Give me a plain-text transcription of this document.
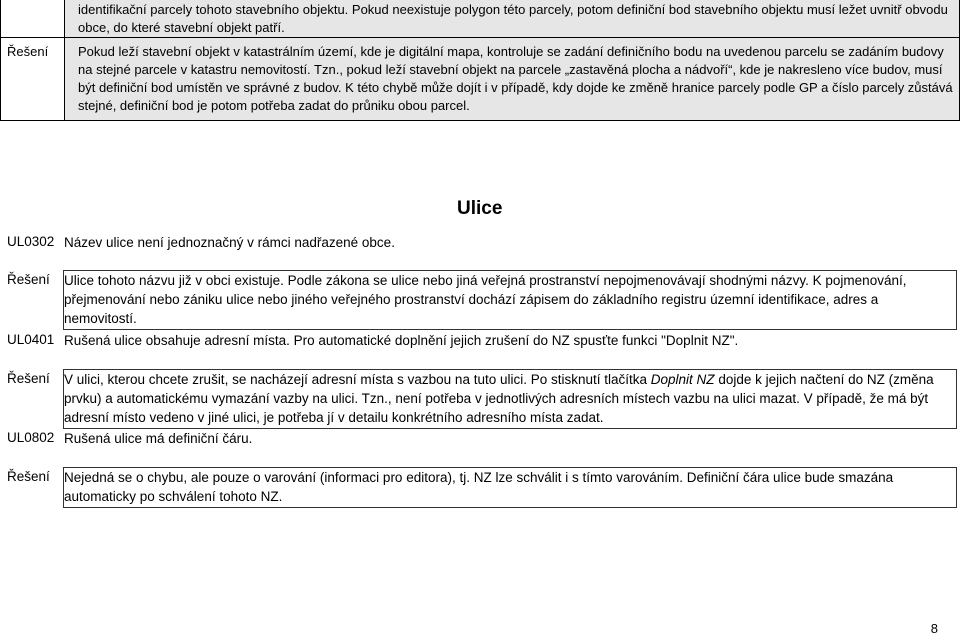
identifikační parcely tohoto stavebního objektu. Pokud neexistuje polygon této parcely, potom definiční bod stavebního objektu musí ležet uvnitř obvodu obce, do které stavební objekt patří.
Řešení Pokud leží stavební objekt v katastrálním území, kde je digitální mapa, kontroluje se zadání definičního bodu na uvedenou parcelu se zadáním budovy na stejné parcele v katastru nemovitostí. Tzn., pokud leží stavební objekt na parcele „zastavěná plocha a nádvoří“, kde je nakresleno více budov, musí být definiční bod umístěn ve správné z budov. K této chybě může dojít i v případě, kdy dojde ke změně hranice parcely podle GP a číslo parcely zůstává stejné, definiční bod je potom potřeba zadat do průniku obou parcel.
Ulice
UL0302 Název ulice není jednoznačný v rámci nadřazené obce.
Řešení Ulice tohoto názvu již v obci existuje. Podle zákona se ulice nebo jiná veřejná prostranství nepojmenovávají shodnými názvy. K pojmenování, přejmenování nebo zániku ulice nebo jiného veřejného prostranství dochází zápisem do základního registru územní identifikace, adres a nemovitostí.
UL0401 Rušená ulice obsahuje adresní místa. Pro automatické doplnění jejich zrušení do NZ spusťte funkci "Doplnit NZ".
Řešení V ulici, kterou chcete zrušit, se nacházejí adresní místa s vazbou na tuto ulici. Po stisknutí tlačítka Doplnit NZ dojde k jejich načtení do NZ (změna prvku) a automatickému vymazání vazby na ulici. Tzn., není potřeba v jednotlivých adresních místech vazbu na ulici mazat. V případě, že má být adresní místo vedeno v jiné ulici, je potřeba jí v detailu konkrétního adresního místa zadat.
UL0802 Rušená ulice má definiční čáru.
Řešení Nejedná se o chybu, ale pouze o varování (informaci pro editora), tj. NZ lze schválit i s tímto varováním. Definiční čára ulice bude smazána automaticky po schválení tohoto NZ.
8
